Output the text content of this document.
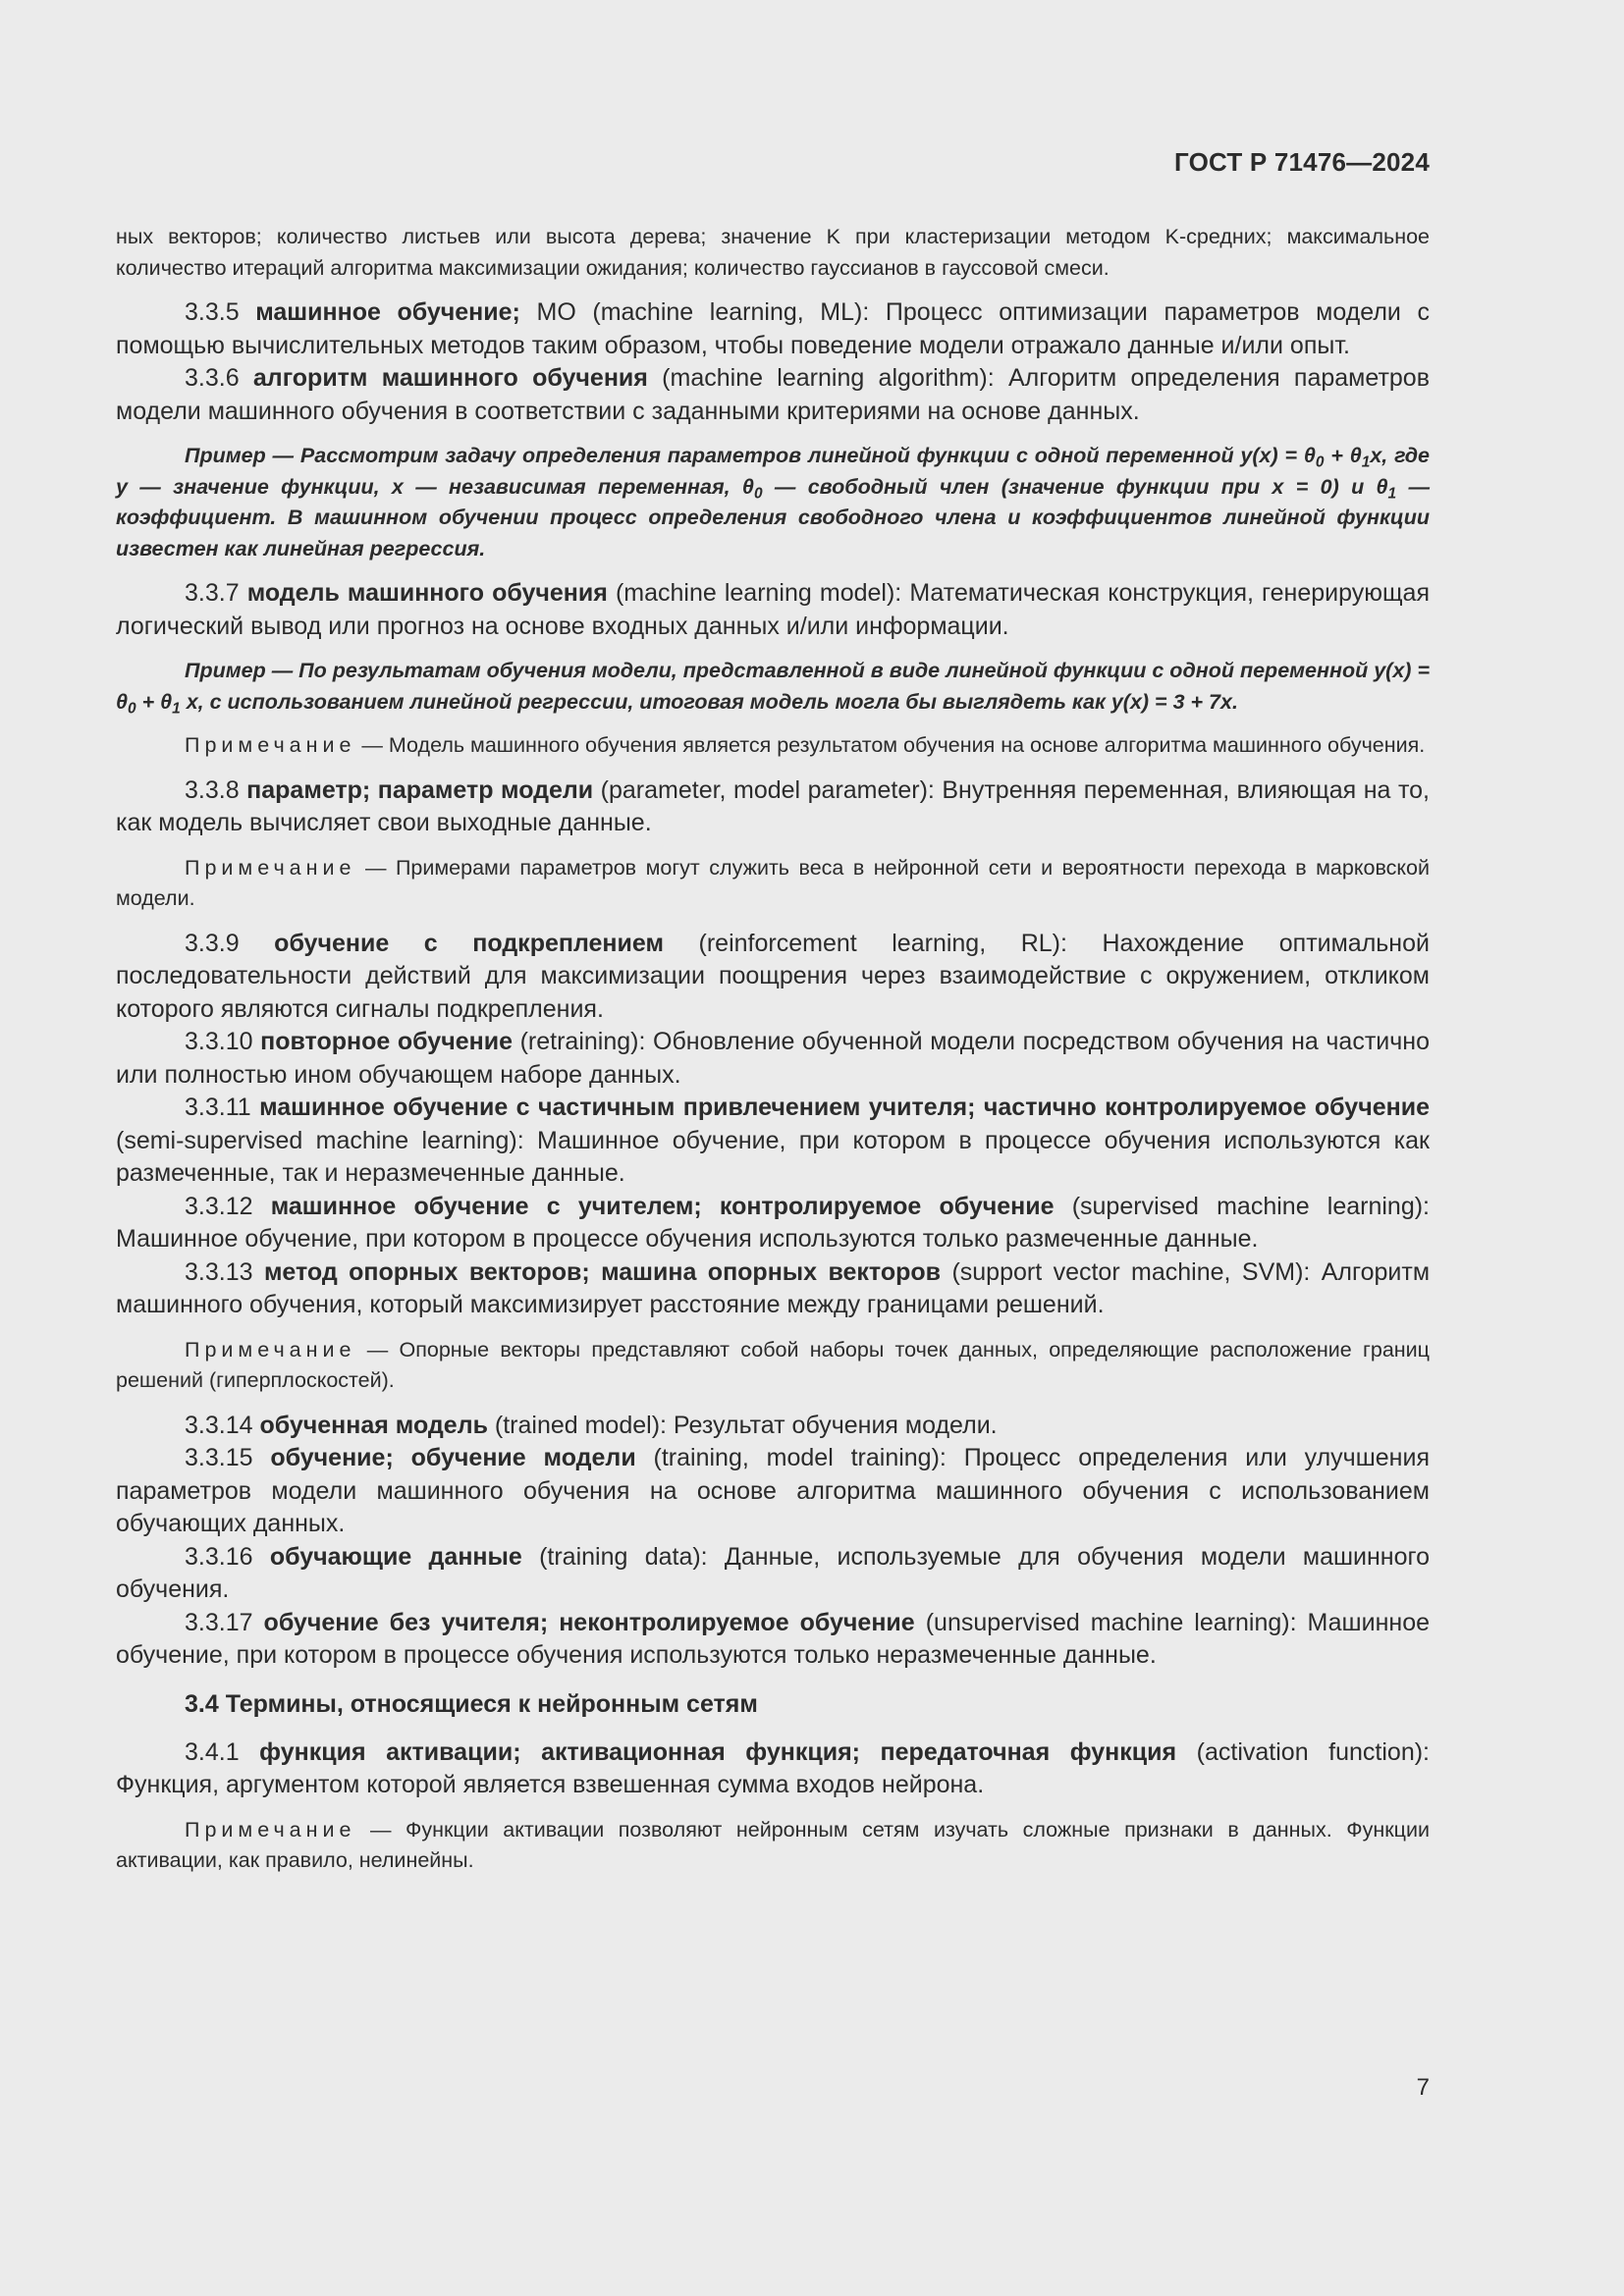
ГОСТ Р 71476—2024

ных векторов; количество листьев или высота дерева; значение K при кластеризации методом K-средних; максимальное количество итераций алгоритма максимизации ожидания; количество гауссианов в гауссовой смеси.

3.3.5 машинное обучение; МО (machine learning, ML): Процесс оптимизации параметров модели с помощью вычислительных методов таким образом, чтобы поведение модели отражало данные и/или опыт.

3.3.6 алгоритм машинного обучения (machine learning algorithm): Алгоритм определения параметров модели машинного обучения в соответствии с заданными критериями на основе данных.

Пример — Рассмотрим задачу определения параметров линейной функции с одной переменной $y(x) = \theta_0 + \theta_1x$, где y — значение функции, x — независимая переменная, $\theta_0$ — свободный член (значение функции при x = 0) и $\theta_1$ — коэффициент. В машинном обучении процесс определения свободного члена и коэффициентов линейной функции известен как линейная регрессия.

3.3.7 модель машинного обучения (machine learning model): Математическая конструкция, генерирующая логический вывод или прогноз на основе входных данных и/или информации.

Пример — По результатам обучения модели, представленной в виде линейной функции с одной переменной $y(x) = \theta_0 + \theta_1$ x, с использованием линейной регрессии, итоговая модель могла бы выглядеть как y(x) = 3 + 7x.

Примечание — Модель машинного обучения является результатом обучения на основе алгоритма машинного обучения.

3.3.8 параметр; параметр модели (parameter, model parameter): Внутренняя переменная, влияющая на то, как модель вычисляет свои выходные данные.

Примечание — Примерами параметров могут служить веса в нейронной сети и вероятности перехода в марковской модели.

3.3.9 обучение с подкреплением (reinforcement learning, RL): Нахождение оптимальной последовательности действий для максимизации поощрения через взаимодействие с окружением, откликом которого являются сигналы подкрепления.

3.3.10 повторное обучение (retraining): Обновление обученной модели посредством обучения на частично или полностью ином обучающем наборе данных.

3.3.11 машинное обучение с частичным привлечением учителя; частично контролируемое обучение (semi-supervised machine learning): Машинное обучение, при котором в процессе обучения используются как размеченные, так и неразмеченные данные.

3.3.12 машинное обучение с учителем; контролируемое обучение (supervised machine learning): Машинное обучение, при котором в процессе обучения используются только размеченные данные.

3.3.13 метод опорных векторов; машина опорных векторов (support vector machine, SVM): Алгоритм машинного обучения, который максимизирует расстояние между границами решений.

Примечание — Опорные векторы представляют собой наборы точек данных, определяющие расположение границ решений (гиперплоскостей).

3.3.14 обученная модель (trained model): Результат обучения модели.

3.3.15 обучение; обучение модели (training, model training): Процесс определения или улучшения параметров модели машинного обучения на основе алгоритма машинного обучения с использованием обучающих данных.

3.3.16 обучающие данные (training data): Данные, используемые для обучения модели машинного обучения.

3.3.17 обучение без учителя; неконтролируемое обучение (unsupervised machine learning): Машинное обучение, при котором в процессе обучения используются только неразмеченные данные.

3.4 Термины, относящиеся к нейронным сетям

3.4.1 функция активации; активационная функция; передаточная функция (activation function): Функция, аргументом которой является взвешенная сумма входов нейрона.

Примечание — Функции активации позволяют нейронным сетям изучать сложные признаки в данных. Функции активации, как правило, нелинейны.

7
